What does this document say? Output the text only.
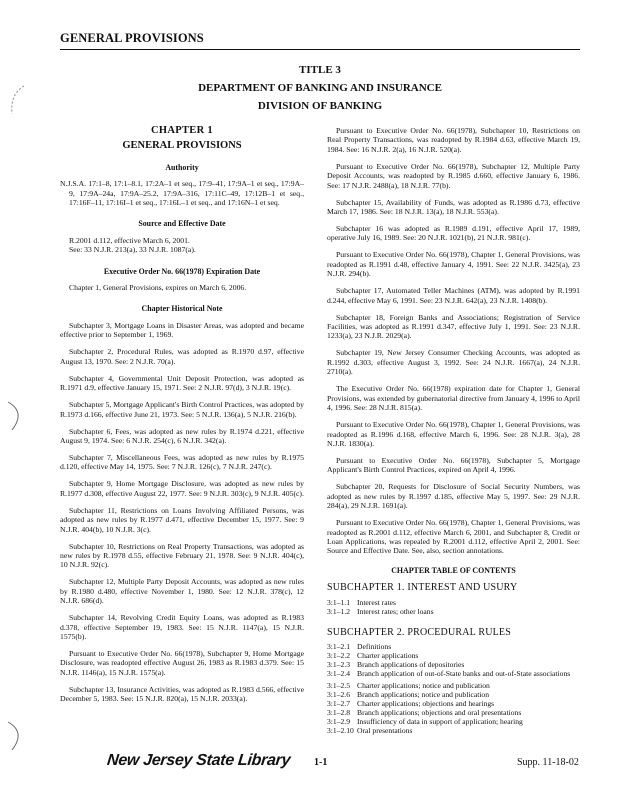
GENERAL PROVISIONS
TITLE 3
DEPARTMENT OF BANKING AND INSURANCE
DIVISION OF BANKING
CHAPTER 1
GENERAL PROVISIONS
Authority

N.J.S.A. 17:1–8, 17:1–8.1, 17:2A–1 et seq., 17:9–41, 17:9A–1 et seq., 17:9A–9, 17:9A–24a, 17:9A–25.2, 17:9A–316, 17:11C–49, 17:12B–1 et seq., 17:16F–11, 17:16I–1 et seq., 17:16L–1 et seq., and 17:16N–1 et seq.

Source and Effective Date

R.2001 d.112, effective March 6, 2001.

See: 33 N.J.R. 213(a), 33 N.J.R. 1087(a).

Executive Order No. 66(1978) Expiration Date

Chapter 1, General Provisions, expires on March 6, 2006.

Chapter Historical Note

Subchapter 3, Mortgage Loans in Disaster Areas, was adopted and became effective prior to September 1, 1969.

Subchapter 2, Procedural Rules, was adopted as R.1970 d.97, effective August 13, 1970. See: 2 N.J.R. 70(a).

Subchapter 4, Governmental Unit Deposit Protection, was adopted as R.1971 d.9, effective January 15, 1971. See: 2 N.J.R. 97(d), 3 N.J.R. 19(c).

Subchapter 5, Mortgage Applicant's Birth Control Practices, was adopted by R.1973 d.166, effective June 21, 1973. See: 5 N.J.R. 136(a), 5 N.J.R. 216(b).

Subchapter 6, Fees, was adopted as new rules by R.1974 d.221, effective August 9, 1974. See: 6 N.J.R. 254(c), 6 N.J.R. 342(a).

Subchapter 7, Miscellaneous Fees, was adopted as new rules by R.1975 d.120, effective May 14, 1975. See: 7 N.J.R. 126(c), 7 N.J.R. 247(c).

Subchapter 9, Home Mortgage Disclosure, was adopted as new rules by R.1977 d.308, effective August 22, 1977. See: 9 N.J.R. 303(c), 9 N.J.R. 405(c).

Subchapter 11, Restrictions on Loans Involving Affiliated Persons, was adopted as new rules by R.1977 d.471, effective December 15, 1977. See: 9 N.J.R. 404(b), 10 N.J.R. 3(c).

Subchapter 10, Restrictions on Real Property Transactions, was adopted as new rules by R.1978 d.55, effective February 21, 1978. See: 9 N.J.R. 404(c), 10 N.J.R. 92(c).

Subchapter 12, Multiple Party Deposit Accounts, was adopted as new rules by R.1980 d.480, effective November 1, 1980. See: 12 N.J.R. 378(c), 12 N.J.R. 686(d).

Subchapter 14, Revolving Credit Equity Loans, was adopted as R.1983 d.378, effective September 19, 1983. See: 15 N.J.R. 1147(a), 15 N.J.R. 1575(b).

Pursuant to Executive Order No. 66(1978), Subchapter 9, Home Mortgage Disclosure, was readopted effective August 26, 1983 as R.1983 d.379. See: 15 N.J.R. 1146(a), 15 N.J.R. 1575(a).

Subchapter 13, Insurance Activities, was adopted as R.1983 d.566, effective December 5, 1983. See: 15 N.J.R. 820(a), 15 N.J.R. 2033(a).

Pursuant to Executive Order No. 66(1978), Subchapter 10, Restrictions on Real Property Transactions, was readopted by R.1984 d.63, effective March 19, 1984. See: 16 N.J.R. 2(a), 16 N.J.R. 520(a).

Pursuant to Executive Order No. 66(1978), Subchapter 12, Multiple Party Deposit Accounts, was readopted by R.1985 d.660, effective January 6, 1986. See: 17 N.J.R. 2488(a), 18 N.J.R. 77(b).

Subchapter 15, Availability of Funds, was adopted as R.1986 d.73, effective March 17, 1986. See: 18 N.J.R. 13(a), 18 N.J.R. 553(a).

Subchapter 16 was adopted as R.1989 d.191, effective April 17, 1989, operative July 16, 1989. See: 20 N.J.R. 1021(b), 21 N.J.R. 981(c).

Pursuant to Executive Order No. 66(1978), Chapter 1, General Provisions, was readopted as R.1991 d.48, effective January 4, 1991. See: 22 N.J.R. 3425(a), 23 N.J.R. 294(b).

Subchapter 17, Automated Teller Machines (ATM), was adopted by R.1991 d.244, effective May 6, 1991. See: 23 N.J.R. 642(a), 23 N.J.R. 1408(b).

Subchapter 18, Foreign Banks and Associations; Registration of Service Facilities, was adopted as R.1991 d.347, effective July 1, 1991. See: 23 N.J.R. 1233(a), 23 N.J.R. 2029(a).

Subchapter 19, New Jersey Consumer Checking Accounts, was adopted as R.1992 d.303, effective August 3, 1992. See: 24 N.J.R. 1667(a), 24 N.J.R. 2710(a).

The Executive Order No. 66(1978) expiration date for Chapter 1, General Provisions, was extended by gubernatorial directive from January 4, 1996 to April 4, 1996. See: 28 N.J.R. 815(a).

Pursuant to Executive Order No. 66(1978), Chapter 1, General Provisions, was readopted as R.1996 d.168, effective March 6, 1996. See: 28 N.J.R. 3(a), 28 N.J.R. 1830(a).

Pursuant to Executive Order No. 66(1978), Subchapter 5, Mortgage Applicant's Birth Control Practices, expired on April 4, 1996.

Subchapter 20, Requests for Disclosure of Social Security Numbers, was adopted as new rules by R.1997 d.185, effective May 5, 1997. See: 29 N.J.R. 284(a), 29 N.J.R. 1691(a).

Pursuant to Executive Order No. 66(1978), Chapter 1, General Provisions, was readopted as R.2001 d.112, effective March 6, 2001, and Subchapter 8, Credit or Loan Applications, was repealed by R.2001 d.112, effective April 2, 2001. See: Source and Effective Date. See, also, section annotations.

CHAPTER TABLE OF CONTENTS
SUBCHAPTER 1. INTEREST AND USURY
3:1–1.1 Interest rates
3:1–1.2 Interest rates; other loans
SUBCHAPTER 2. PROCEDURAL RULES
3:1–2.1 Definitions
3:1–2.2 Charter applications
3:1–2.3 Branch applications of depositories
3:1–2.4 Branch application of out-of-State banks and out-of-State associations
3:1–2.5 Charter applications; notice and publication
3:1–2.6 Branch applications; notice and publication
3:1–2.7 Charter applications; objections and hearings
3:1–2.8 Branch applications; objections and oral presentations
3:1–2.9 Insufficiency of data in support of application; hearing
3:1–2.10 Oral presentations
New Jersey State Library 1-1	Supp. 11-18-02
